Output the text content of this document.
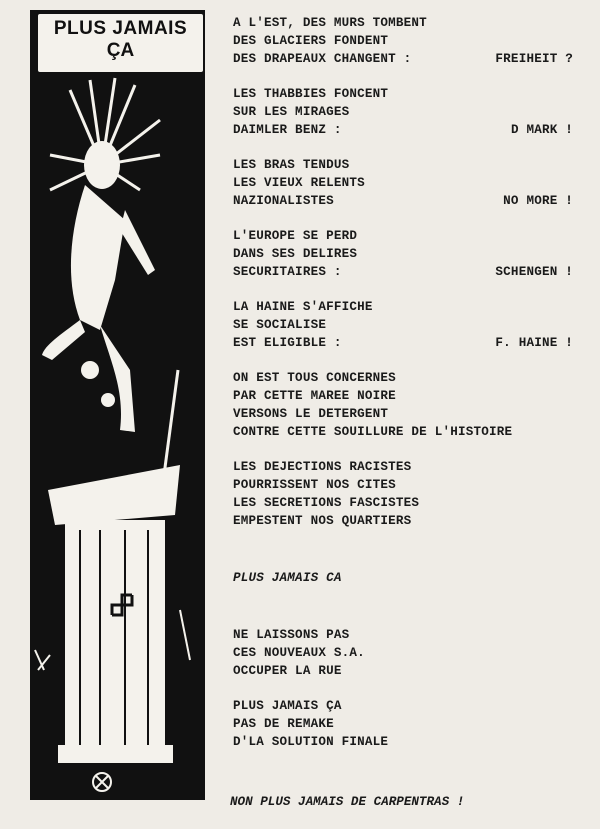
PLUS JAMAIS
ÇA
A L'EST, DES MURS TOMBENT
DES GLACIERS FONDENT
DES DRAPEAUX CHANGENT :	FREIHEIT ?
LES THABBIES FONCENT
SUR LES MIRAGES
DAIMLER BENZ :	D MARK !
LES BRAS TENDUS
LES VIEUX RELENTS
NAZIONALISTES	NO MORE !
L'EUROPE SE PERD
DANS SES DELIRES
SECURITAIRES :	SCHENGEN !
LA HAINE S'AFFICHE
SE SOCIALISE
EST ELIGIBLE :	F. HAINE !
ON EST TOUS CONCERNES
PAR CETTE MAREE NOIRE
VERSONS LE DETERGENT
CONTRE CETTE SOUILLURE DE L'HISTOIRE
LES DEJECTIONS RACISTES
POURRISSENT NOS CITES
LES SECRETIONS FASCISTES
EMPESTENT NOS QUARTIERS
PLUS JAMAIS CA
NE LAISSONS PAS
CES NOUVEAUX S.A.
OCCUPER LA RUE
PLUS JAMAIS ÇA
PAS DE REMAKE
D'LA SOLUTION FINALE
NON PLUS JAMAIS DE CARPENTRAS !
